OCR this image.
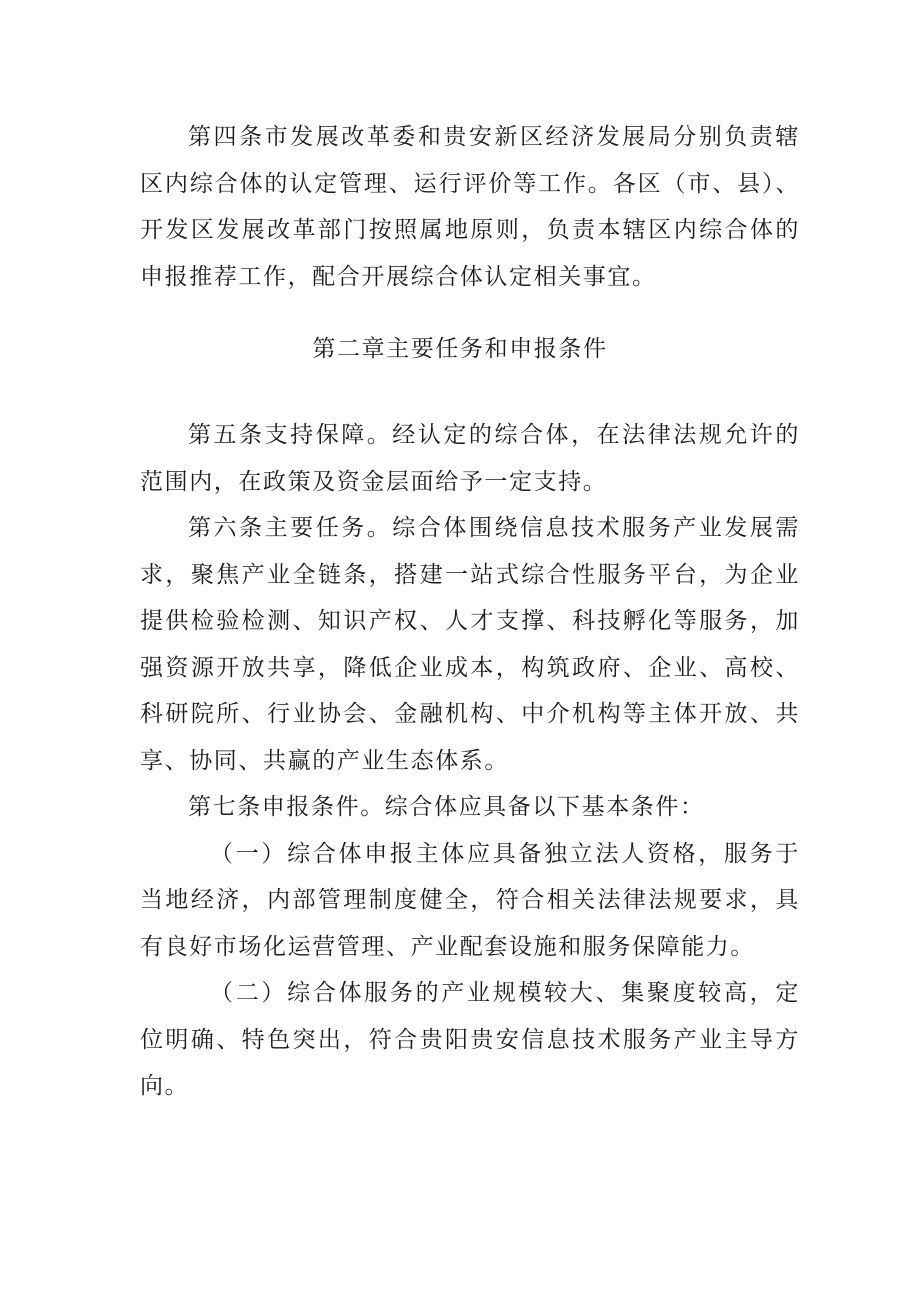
第四条市发展改革委和贵安新区经济发展局分别负责辖区内综合体的认定管理、运行评价等工作。各区（市、县）、开发区发展改革部门按照属地原则，负责本辖区内综合体的申报推荐工作，配合开展综合体认定相关事宜。

第二章主要任务和申报条件

第五条支持保障。经认定的综合体，在法律法规允许的范围内，在政策及资金层面给予一定支持。

第六条主要任务。综合体围绕信息技术服务产业发展需求，聚焦产业全链条，搭建一站式综合性服务平台，为企业提供检验检测、知识产权、人才支撑、科技孵化等服务，加强资源开放共享，降低企业成本，构筑政府、企业、高校、科研院所、行业协会、金融机构、中介机构等主体开放、共享、协同、共赢的产业生态体系。

第七条申报条件。综合体应具备以下基本条件：

（一）综合体申报主体应具备独立法人资格，服务于当地经济，内部管理制度健全，符合相关法律法规要求，具有良好市场化运营管理、产业配套设施和服务保障能力。

（二）综合体服务的产业规模较大、集聚度较高，定位明确、特色突出，符合贵阳贵安信息技术服务产业主导方向。
